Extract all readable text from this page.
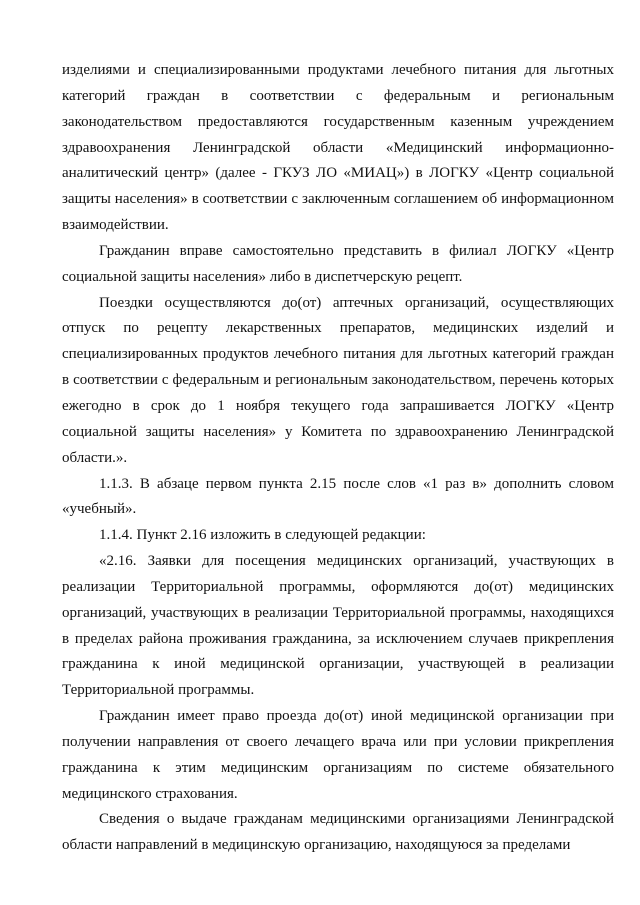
изделиями и специализированными продуктами лечебного питания для льготных категорий граждан в соответствии с федеральным и региональным законодательством предоставляются государственным казенным учреждением здравоохранения Ленинградской области «Медицинский информационно-аналитический центр» (далее - ГКУЗ ЛО «МИАЦ») в ЛОГКУ «Центр социальной защиты населения» в соответствии с заключенным соглашением об информационном взаимодействии.

Гражданин вправе самостоятельно представить в филиал ЛОГКУ «Центр социальной защиты населения» либо в диспетчерскую рецепт.

Поездки осуществляются до(от) аптечных организаций, осуществляющих отпуск по рецепту лекарственных препаратов, медицинских изделий и специализированных продуктов лечебного питания для льготных категорий граждан в соответствии с федеральным и региональным законодательством, перечень которых ежегодно в срок до 1 ноября текущего года запрашивается ЛОГКУ «Центр социальной защиты населения» у Комитета по здравоохранению Ленинградской области.».

1.1.3. В абзаце первом пункта 2.15 после слов «1 раз в» дополнить словом «учебный».

1.1.4. Пункт 2.16 изложить в следующей редакции:

«2.16. Заявки для посещения медицинских организаций, участвующих в реализации Территориальной программы, оформляются до(от) медицинских организаций, участвующих в реализации Территориальной программы, находящихся в пределах района проживания гражданина, за исключением случаев прикрепления гражданина к иной медицинской организации, участвующей в реализации Территориальной программы.

Гражданин имеет право проезда до(от) иной медицинской организации при получении направления от своего лечащего врача или при условии прикрепления гражданина к этим медицинским организациям по системе обязательного медицинского страхования.

Сведения о выдаче гражданам медицинскими организациями Ленинградской области направлений в медицинскую организацию, находящуюся за пределами
